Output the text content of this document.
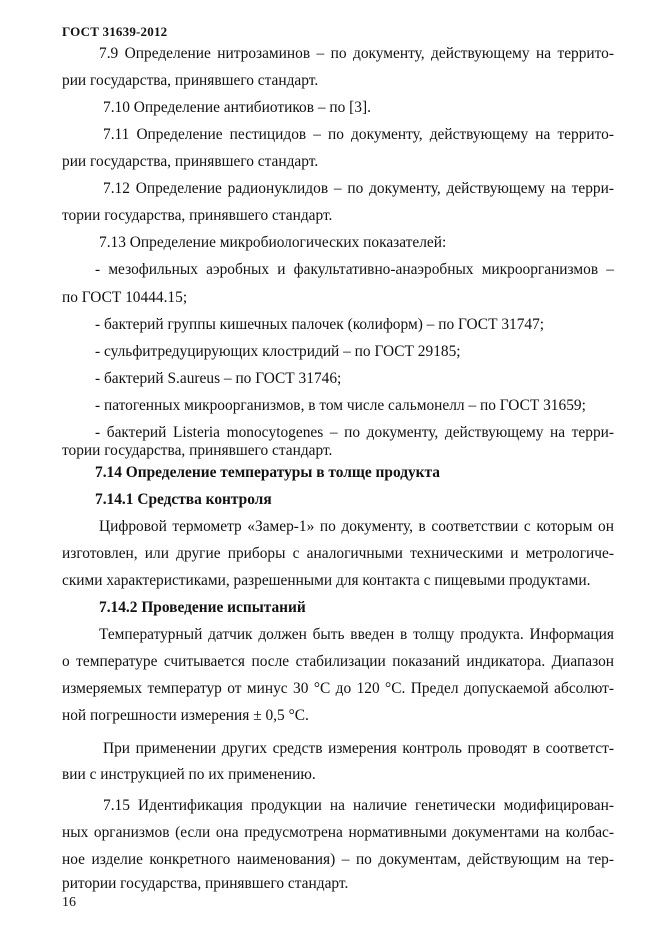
ГОСТ 31639-2012
7.9 Определение нитрозаминов – по документу, действующему на террито-
рии государства, принявшего стандарт.
7.10 Определение антибиотиков – по [3].
7.11 Определение пестицидов – по документу, действующему на террито-
рии государства, принявшего стандарт.
7.12 Определение радионуклидов – по документу, действующему на терри-
тории государства, принявшего стандарт.
7.13 Определение микробиологических показателей:
- мезофильных аэробных и факультативно-анаэробных микроорганизмов –
по ГОСТ 10444.15;
- бактерий группы кишечных палочек (колиформ) – по ГОСТ 31747;
- сульфитредуцирующих клостридий – по ГОСТ 29185;
- бактерий S.aureus – по ГОСТ 31746;
- патогенных микроорганизмов, в том числе сальмонелл – по ГОСТ 31659;
- бактерий Listeria monocytogenes – по документу, действующему на терри-
тории государства, принявшего стандарт.
7.14 Определение температуры в толще продукта
7.14.1 Средства контроля
Цифровой термометр «Замер-1» по документу, в соответствии с которым он
изготовлен, или другие приборы с аналогичными техническими и метрологиче-
скими характеристиками, разрешенными для контакта с пищевыми продуктами.
7.14.2 Проведение испытаний
Температурный датчик должен быть введен в толщу продукта. Информация
о температуре считывается после стабилизации показаний индикатора. Диапазон
измеряемых температур от минус 30 °С до 120 °С. Предел допускаемой абсолют-
ной погрешности измерения ± 0,5 °С.
При применении других средств измерения контроль проводят в соответст-
вии с инструкцией по их применению.
7.15 Идентификация продукции на наличие генетически модифицирован-
ных организмов (если она предусмотрена нормативными документами на колбас-
ное изделие конкретного наименования) – по документам, действующим на тер-
ритории государства, принявшего стандарт.
16
